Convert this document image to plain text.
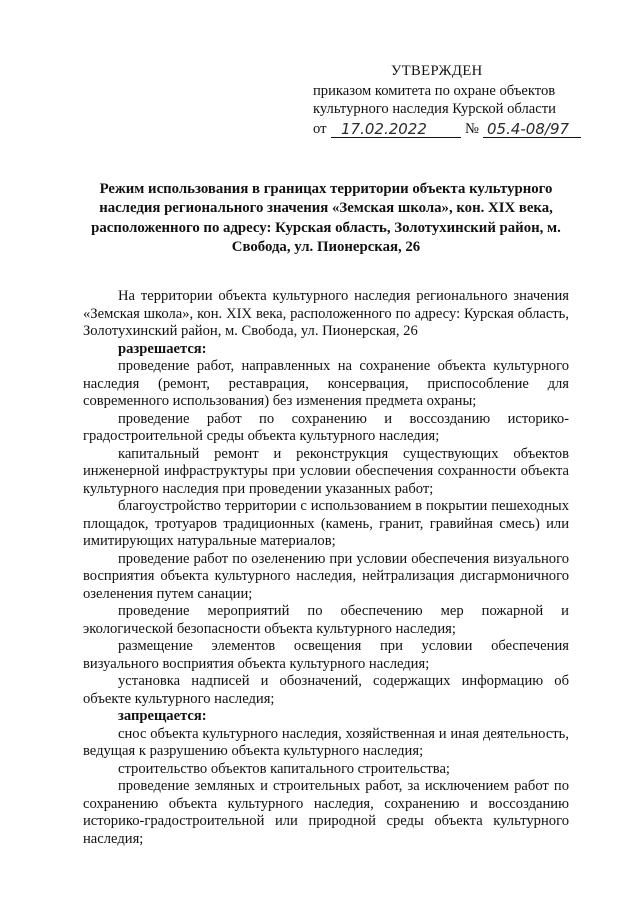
УТВЕРЖДЕН
приказом комитета по охране объектов
культурного наследия Курской области
от 17.02.2022	№ 05.4-08/97
Режим использования в границах территории объекта культурного наследия регионального значения «Земская школа», кон. XIX века, расположенного по адресу: Курская область, Золотухинский район, м. Свобода, ул. Пионерская, 26

На территории объекта культурного наследия регионального значения «Земская школа», кон. XIX века, расположенного по адресу: Курская область, Золотухинский район, м. Свобода, ул. Пионерская, 26

разрешается:

проведение работ, направленных на сохранение объекта культурного наследия (ремонт, реставрация, консервация, приспособление для современного использования) без изменения предмета охраны;

проведение работ по сохранению и воссозданию историко-градостроительной среды объекта культурного наследия;

капитальный ремонт и реконструкция существующих объектов инженерной инфраструктуры при условии обеспечения сохранности объекта культурного наследия при проведении указанных работ;

благоустройство территории с использованием в покрытии пешеходных площадок, тротуаров традиционных (камень, гранит, гравийная смесь) или имитирующих натуральные материалов;

проведение работ по озеленению при условии обеспечения визуального восприятия объекта культурного наследия, нейтрализация дисгармоничного озеленения путем санации;

проведение мероприятий по обеспечению мер пожарной и экологической безопасности объекта культурного наследия;

размещение элементов освещения при условии обеспечения визуального восприятия объекта культурного наследия;

установка надписей и обозначений, содержащих информацию об объекте культурного наследия;

запрещается:

снос объекта культурного наследия, хозяйственная и иная деятельность, ведущая к разрушению объекта культурного наследия;

строительство объектов капитального строительства;

проведение земляных и строительных работ, за исключением работ по сохранению объекта культурного наследия, сохранению и воссозданию историко-градостроительной или природной среды объекта культурного наследия;
